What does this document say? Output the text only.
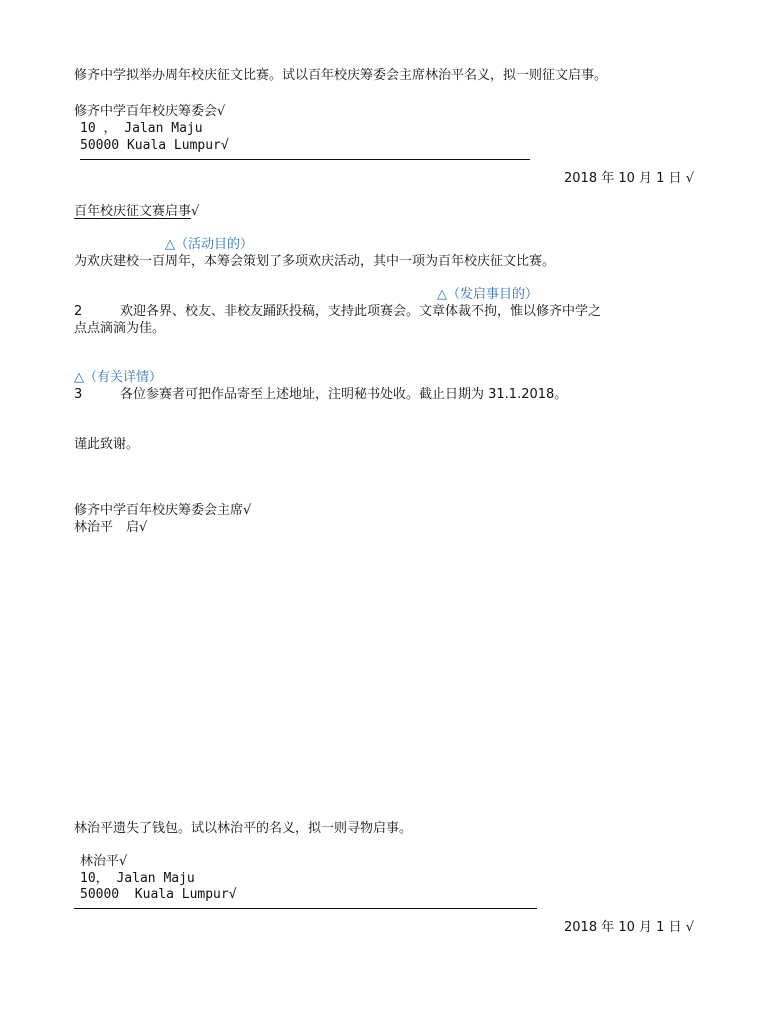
修齐中学拟举办周年校庆征文比赛。试以百年校庆筹委会主席林治平名义，拟一则征文启事。
修齐中学百年校庆筹委会√
10 ， Jalan Maju
50000 Kuala Lumpur√
2018 年 10 月 1 日 √
百年校庆征文赛启事√
△（活动目的）
为欢庆建校一百周年，本筹会策划了多项欢庆活动，其中一项为百年校庆征文比赛。
△（发启事目的）
2	欢迎各界、校友、非校友踊跃投稿，支持此项赛会。文章体裁不拘，惟以修齐中学之
点点滴滴为佳。
△（有关详情）
3	各位参赛者可把作品寄至上述地址，注明秘书处收。截止日期为 31.1.2018。
谨此致谢。
修齐中学百年校庆筹委会主席√
林治平　启√
林治平遗失了钱包。试以林治平的名义，拟一则寻物启事。
林治平√
10， Jalan Maju
50000  Kuala Lumpur√
2018 年 10 月 1 日 √
